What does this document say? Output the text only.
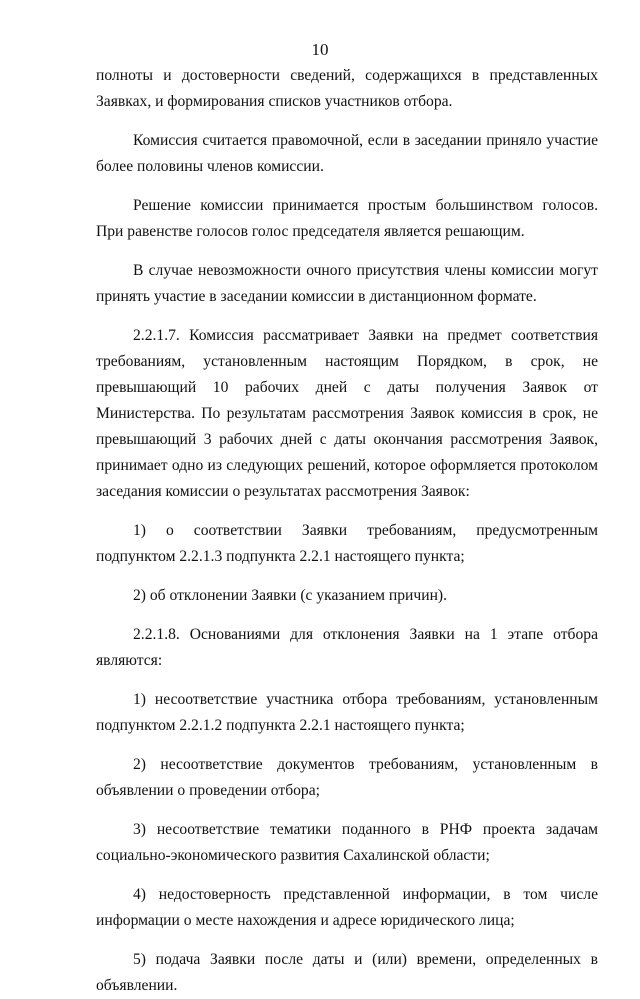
10

полноты и достоверности сведений, содержащихся в представленных Заявках, и формирования списков участников отбора.

Комиссия считается правомочной, если в заседании приняло участие более половины членов комиссии.

Решение комиссии принимается простым большинством голосов. При равенстве голосов голос председателя является решающим.

В случае невозможности очного присутствия члены комиссии могут принять участие в заседании комиссии в дистанционном формате.

2.2.1.7. Комиссия рассматривает Заявки на предмет соответствия требованиям, установленным настоящим Порядком, в срок, не превышающий 10 рабочих дней с даты получения Заявок от Министерства. По результатам рассмотрения Заявок комиссия в срок, не превышающий 3 рабочих дней с даты окончания рассмотрения Заявок, принимает одно из следующих решений, которое оформляется протоколом заседания комиссии о результатах рассмотрения Заявок:

1) о соответствии Заявки требованиям, предусмотренным подпунктом 2.2.1.3 подпункта 2.2.1 настоящего пункта;

2) об отклонении Заявки (с указанием причин).

2.2.1.8. Основаниями для отклонения Заявки на 1 этапе отбора являются:

1) несоответствие участника отбора требованиям, установленным подпунктом 2.2.1.2 подпункта 2.2.1 настоящего пункта;

2) несоответствие документов требованиям, установленным в объявлении о проведении отбора;

3) несоответствие тематики поданного в РНФ проекта задачам социально-экономического развития Сахалинской области;

4) недостоверность представленной информации, в том числе информации о месте нахождения и адресе юридического лица;

5) подача Заявки после даты и (или) времени, определенных в объявлении.
